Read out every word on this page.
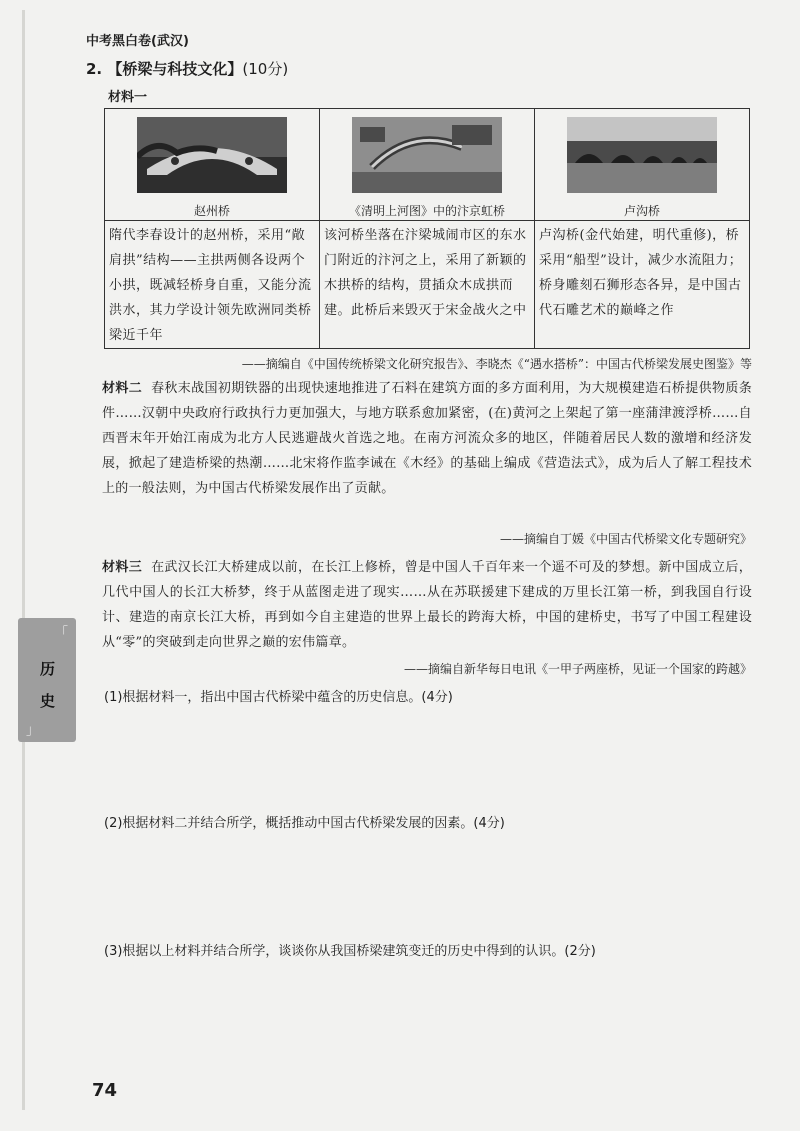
中考黑白卷(武汉)
2. 【桥梁与科技文化】(10分)
材料一
赵州桥	《清明上河图》中的汴京虹桥	卢沟桥

隋代李春设计的赵州桥，采用“敞肩拱”结构——主拱两侧各设两个小拱，既减轻桥身自重，又能分流洪水，其力学设计领先欧洲同类桥梁近千年	该河桥坐落在汴梁城闹市区的东水门附近的汴河之上，采用了新颖的木拱桥的结构，贯插众木成拱而建。此桥后来毁灭于宋金战火之中	卢沟桥(金代始建，明代重修)，桥采用“船型”设计，减少水流阻力；桥身雕刻石狮形态各异，是中国古代石雕艺术的巅峰之作
——摘编自《中国传统桥梁文化研究报告》、李晓杰《“遇水搭桥”：中国古代桥梁发展史图鉴》等
材料二 春秋末战国初期铁器的出现快速地推进了石料在建筑方面的多方面利用，为大规模建造石桥提供物质条件……汉朝中央政府行政执行力更加强大，与地方联系愈加紧密，(在)黄河之上架起了第一座蒲津渡浮桥……自西晋末年开始江南成为北方人民逃避战火首选之地。在南方河流众多的地区，伴随着居民人数的激增和经济发展，掀起了建造桥梁的热潮……北宋将作监李诫在《木经》的基础上编成《营造法式》，成为后人了解工程技术上的一般法则，为中国古代桥梁发展作出了贡献。
——摘编自丁媛《中国古代桥梁文化专题研究》
材料三 在武汉长江大桥建成以前，在长江上修桥，曾是中国人千百年来一个遥不可及的梦想。新中国成立后，几代中国人的长江大桥梦，终于从蓝图走进了现实……从在苏联援建下建成的万里长江第一桥，到我国自行设计、建造的南京长江大桥，再到如今自主建造的世界上最长的跨海大桥，中国的建桥史，书写了中国工程建设从“零”的突破到走向世界之巅的宏伟篇章。
——摘编自新华每日电讯《一甲子两座桥，见证一个国家的跨越》
(1)根据材料一，指出中国古代桥梁中蕴含的历史信息。(4分)
(2)根据材料二并结合所学，概括推动中国古代桥梁发展的因素。(4分)
(3)根据以上材料并结合所学，谈谈你从我国桥梁建筑变迁的历史中得到的认识。(2分)
「
历
史
」
74
